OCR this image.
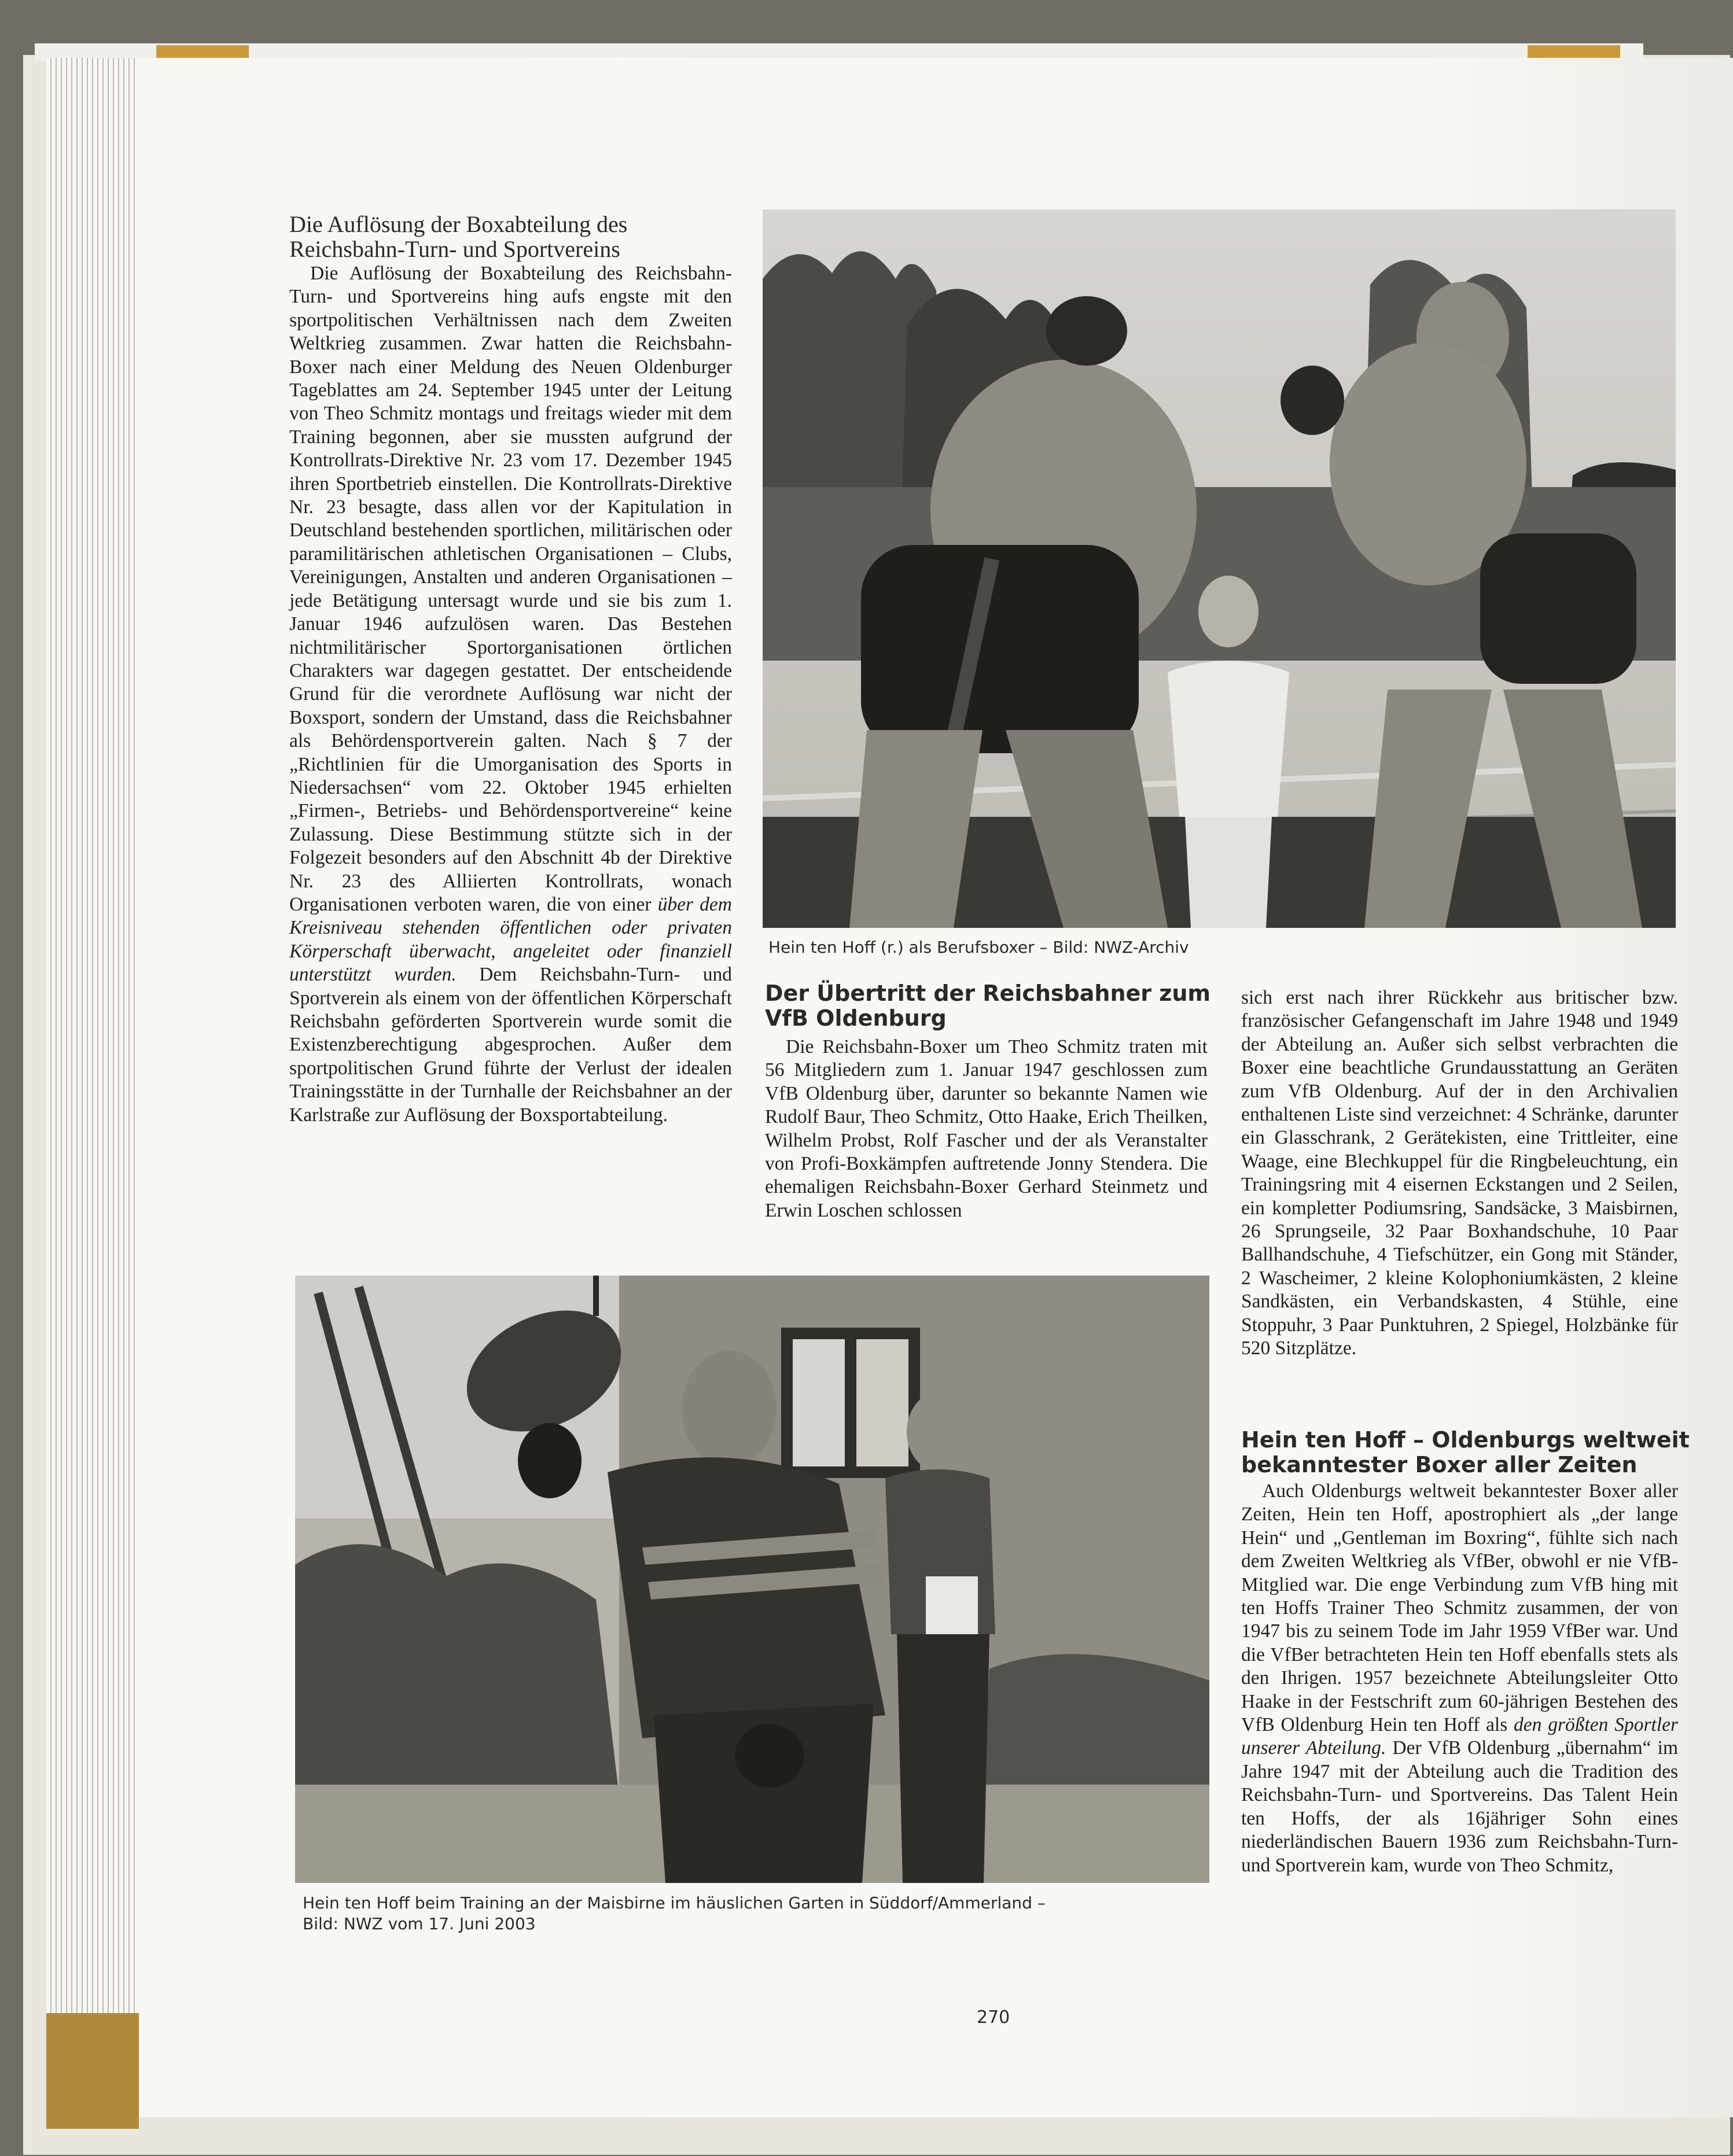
Die Auflösung der Boxabteilung des
Reichsbahn-Turn- und Sportvereins

Die Auflösung der Boxabteilung des Reichsbahn-Turn- und Sportvereins hing aufs engste mit den sportpolitischen Verhältnissen nach dem Zweiten Weltkrieg zusammen. Zwar hatten die Reichsbahn-Boxer nach einer Meldung des Neuen Oldenburger Tageblattes am 24. September 1945 unter der Leitung von Theo Schmitz montags und freitags wieder mit dem Training begonnen, aber sie mussten aufgrund der Kontrollrats-Direktive Nr. 23 vom 17. Dezember 1945 ihren Sportbetrieb einstellen. Die Kontrollrats-Direktive Nr. 23 besagte, dass allen vor der Kapitulation in Deutschland bestehenden sportlichen, militärischen oder paramilitärischen athletischen Organisationen – Clubs, Vereinigungen, Anstalten und anderen Organisationen – jede Betätigung untersagt wurde und sie bis zum 1. Januar 1946 aufzulösen waren. Das Bestehen nichtmilitärischer Sportorganisationen örtlichen Charakters war dagegen gestattet. Der entscheidende Grund für die verordnete Auflösung war nicht der Boxsport, sondern der Umstand, dass die Reichsbahner als Behördensportverein galten. Nach § 7 der „Richtlinien für die Umorganisation des Sports in Niedersachsen“ vom 22. Oktober 1945 erhielten „Firmen-, Betriebs- und Behördensportvereine“ keine Zulassung. Diese Bestimmung stützte sich in der Folgezeit besonders auf den Abschnitt 4b der Direktive Nr. 23 des Alliierten Kontrollrats, wonach Organisationen verboten waren, die von einer über dem Kreisniveau stehenden öffentlichen oder privaten Körperschaft überwacht, angeleitet oder finanziell unterstützt wurden. Dem Reichsbahn-Turn- und Sportverein als einem von der öffentlichen Körperschaft Reichsbahn geförderten Sportverein wurde somit die Existenzberechtigung abgesprochen. Außer dem sportpolitischen Grund führte der Verlust der idealen Trainingsstätte in der Turnhalle der Reichsbahner an der Karlstraße zur Auflösung der Boxsportabteilung.

Hein ten Hoff (r.) als Berufsboxer – Bild: NWZ-Archiv
Der Übertritt der Reichsbahner zum
VfB Oldenburg

Die Reichsbahn-Boxer um Theo Schmitz traten mit 56 Mitgliedern zum 1. Januar 1947 geschlossen zum VfB Oldenburg über, darunter so bekannte Namen wie Rudolf Baur, Theo Schmitz, Otto Haake, Erich Theilken, Wilhelm Probst, Rolf Fascher und der als Veranstalter von Profi-Boxkämpfen auftretende Jonny Stendera. Die ehemaligen Reichsbahn-Boxer Gerhard Steinmetz und Erwin Loschen schlossen

sich erst nach ihrer Rückkehr aus britischer bzw. französischer Gefangenschaft im Jahre 1948 und 1949 der Abteilung an. Außer sich selbst verbrachten die Boxer eine beachtliche Grundausstattung an Geräten zum VfB Oldenburg. Auf der in den Archivalien enthaltenen Liste sind verzeichnet: 4 Schränke, darunter ein Glasschrank, 2 Gerätekisten, eine Trittleiter, eine Waage, eine Blechkuppel für die Ringbeleuchtung, ein Trainingsring mit 4 eisernen Eckstangen und 2 Seilen, ein kompletter Podiumsring, Sandsäcke, 3 Maisbirnen, 26 Sprungseile, 32 Paar Boxhandschuhe, 10 Paar Ballhandschuhe, 4 Tiefschützer, ein Gong mit Ständer, 2 Wascheimer, 2 kleine Kolophoniumkästen, 2 kleine Sandkästen, ein Verbandskasten, 4 Stühle, eine Stoppuhr, 3 Paar Punktuhren, 2 Spiegel, Holzbänke für 520 Sitzplätze.

Hein ten Hoff – Oldenburgs weltweit
bekanntester Boxer aller Zeiten

Auch Oldenburgs weltweit bekanntester Boxer aller Zeiten, Hein ten Hoff, apostrophiert als „der lange Hein“ und „Gentleman im Boxring“, fühlte sich nach dem Zweiten Weltkrieg als VfBer, obwohl er nie VfB-Mitglied war. Die enge Verbindung zum VfB hing mit ten Hoffs Trainer Theo Schmitz zusammen, der von 1947 bis zu seinem Tode im Jahr 1959 VfBer war. Und die VfBer betrachteten Hein ten Hoff ebenfalls stets als den Ihrigen. 1957 bezeichnete Abteilungsleiter Otto Haake in der Festschrift zum 60-jährigen Bestehen des VfB Oldenburg Hein ten Hoff als den größten Sportler unserer Abteilung. Der VfB Oldenburg „übernahm“ im Jahre 1947 mit der Abteilung auch die Tradition des Reichsbahn-Turn- und Sportvereins. Das Talent Hein ten Hoffs, der als 16jähriger Sohn eines niederländischen Bauern 1936 zum Reichsbahn-Turn- und Sportverein kam, wurde von Theo Schmitz,

Hein ten Hoff beim Training an der Maisbirne im häuslichen Garten in Süddorf/Ammerland –
Bild: NWZ vom 17. Juni 2003
270
